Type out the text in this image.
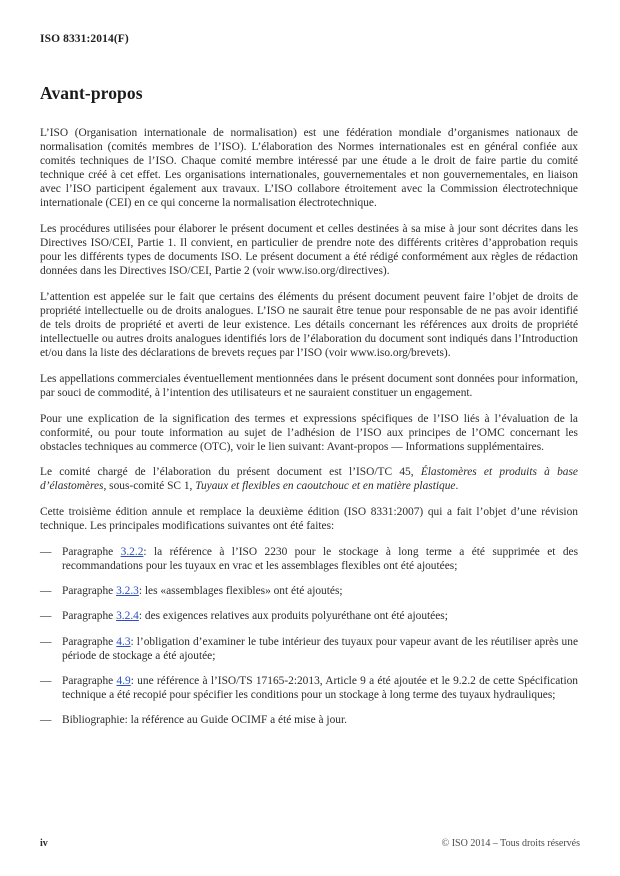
ISO 8331:2014(F)
Avant-propos

L’ISO (Organisation internationale de normalisation) est une fédération mondiale d’organismes nationaux de normalisation (comités membres de l’ISO). L’élaboration des Normes internationales est en général confiée aux comités techniques de l’ISO. Chaque comité membre intéressé par une étude a le droit de faire partie du comité technique créé à cet effet. Les organisations internationales, gouvernementales et non gouvernementales, en liaison avec l’ISO participent également aux travaux. L’ISO collabore étroitement avec la Commission électrotechnique internationale (CEI) en ce qui concerne la normalisation électrotechnique.

Les procédures utilisées pour élaborer le présent document et celles destinées à sa mise à jour sont décrites dans les Directives ISO/CEI, Partie 1. Il convient, en particulier de prendre note des différents critères d’approbation requis pour les différents types de documents ISO. Le présent document a été rédigé conformément aux règles de rédaction données dans les Directives ISO/CEI, Partie 2 (voir www.iso.org/directives).

L’attention est appelée sur le fait que certains des éléments du présent document peuvent faire l’objet de droits de propriété intellectuelle ou de droits analogues. L’ISO ne saurait être tenue pour responsable de ne pas avoir identifié de tels droits de propriété et averti de leur existence. Les détails concernant les références aux droits de propriété intellectuelle ou autres droits analogues identifiés lors de l’élaboration du document sont indiqués dans l’Introduction et/ou dans la liste des déclarations de brevets reçues par l’ISO (voir www.iso.org/brevets).

Les appellations commerciales éventuellement mentionnées dans le présent document sont données pour information, par souci de commodité, à l’intention des utilisateurs et ne sauraient constituer un engagement.

Pour une explication de la signification des termes et expressions spécifiques de l’ISO liés à l’évaluation de la conformité, ou pour toute information au sujet de l’adhésion de l’ISO aux principes de l’OMC concernant les obstacles techniques au commerce (OTC), voir le lien suivant: Avant-propos — Informations supplémentaires.

Le comité chargé de l’élaboration du présent document est l’ISO/TC 45, Élastomères et produits à base d’élastomères, sous-comité SC 1, Tuyaux et flexibles en caoutchouc et en matière plastique.

Cette troisième édition annule et remplace la deuxième édition (ISO 8331:2007) qui a fait l’objet d’une révision technique. Les principales modifications suivantes ont été faites:

— Paragraphe 3.2.2: la référence à l’ISO 2230 pour le stockage à long terme a été supprimée et des recommandations pour les tuyaux en vrac et les assemblages flexibles ont été ajoutées;
— Paragraphe 3.2.3: les «assemblages flexibles» ont été ajoutés;
— Paragraphe 3.2.4: des exigences relatives aux produits polyuréthane ont été ajoutées;
— Paragraphe 4.3: l’obligation d’examiner le tube intérieur des tuyaux pour vapeur avant de les réutiliser après une période de stockage a été ajoutée;
— Paragraphe 4.9: une référence à l’ISO/TS 17165-2:2013, Article 9 a été ajoutée et le 9.2.2 de cette Spécification technique a été recopié pour spécifier les conditions pour un stockage à long terme des tuyaux hydrauliques;
— Bibliographie: la référence au Guide OCIMF a été mise à jour.
iv	© ISO 2014 – Tous droits réservés
